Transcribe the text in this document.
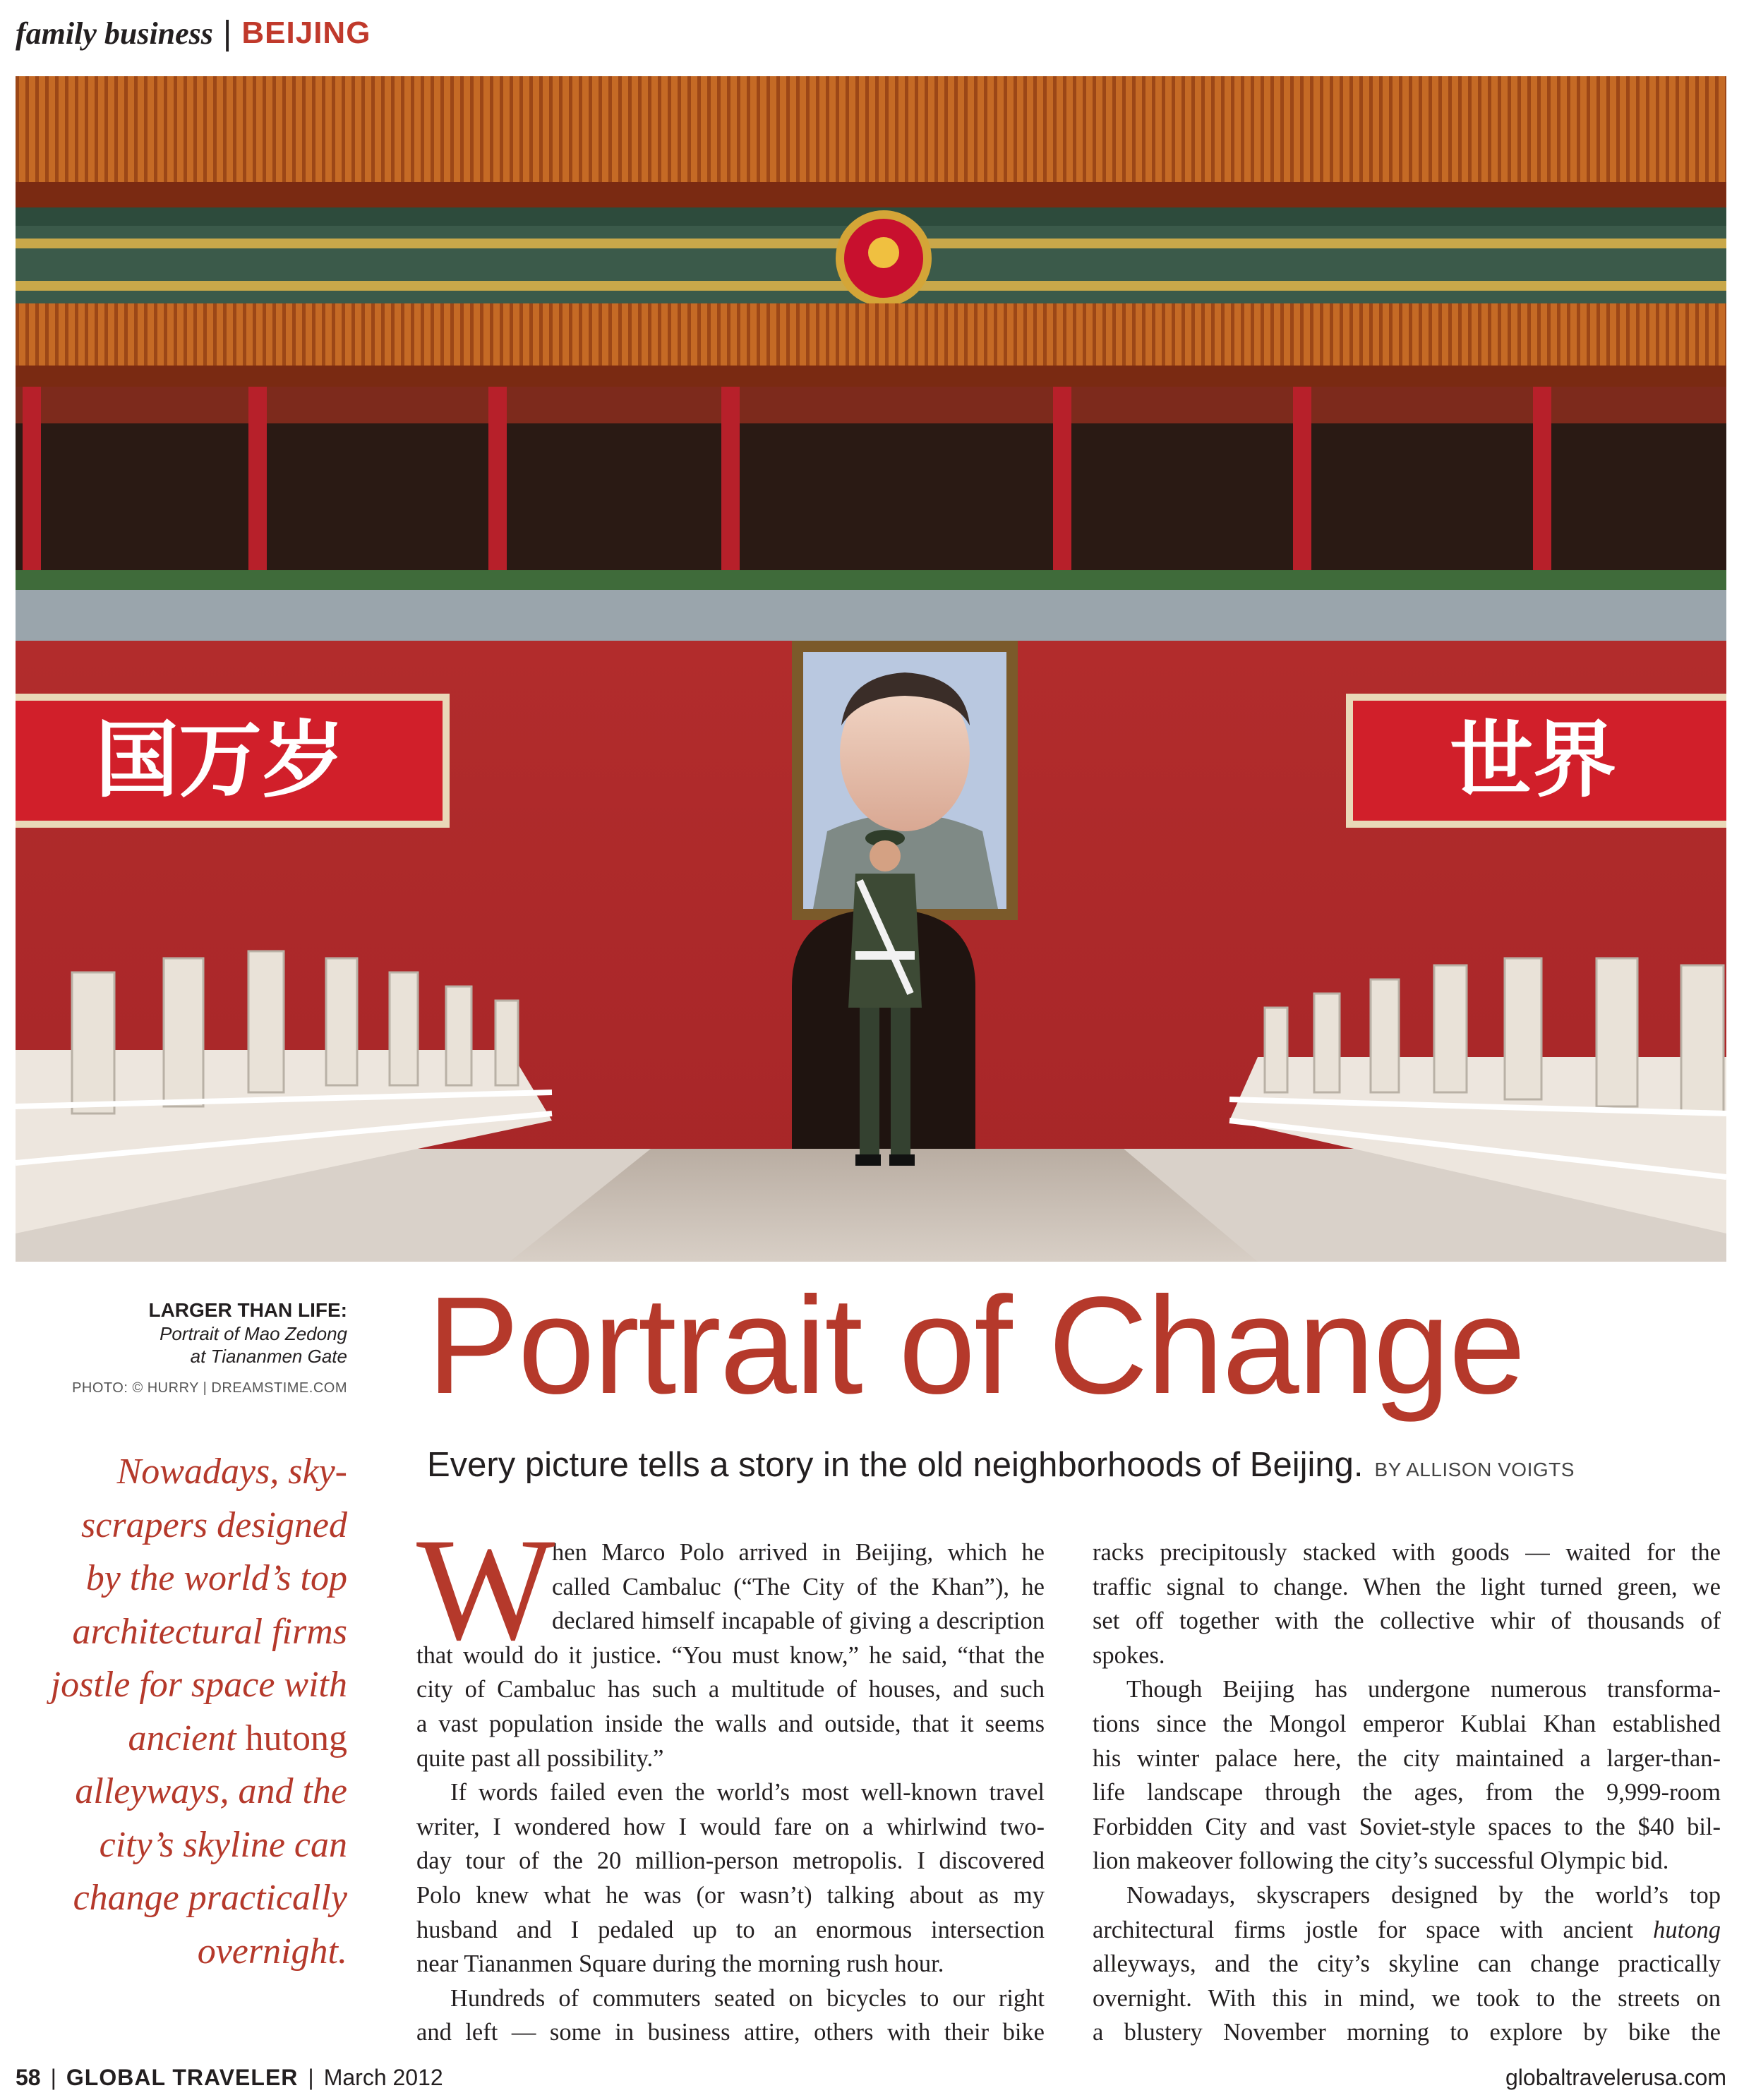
family business | BEIJING
国万岁	世界
LARGER THAN LIFE:
Portrait of Mao Zedong
at Tiananmen Gate
PHOTO: © HURRY | DREAMSTIME.COM Portrait of Change
Every picture tells a story in the old neighborhoods of Beijing. BY ALLISON VOIGTS
Nowadays, sky-
scrapers designed
by the world’s top
architectural firms
jostle for space with
ancient hutong
alleyways, and the
city’s skyline can
change practically
overnight.
W
hen Marco Polo arrived in Beijing, which he
called Cambaluc (“The City of the Khan”), he
declared himself incapable of giving a description
that would do it justice. “You must know,” he said, “that the
city of Cambaluc has such a multitude of houses, and such
a vast population inside the walls and outside, that it seems
quite past all possibility.”
If words failed even the world’s most well-known travel
writer, I wondered how I would fare on a whirlwind two-
day tour of the 20 million-person metropolis. I discovered
Polo knew what he was (or wasn’t) talking about as my
husband and I pedaled up to an enormous intersection
near Tiananmen Square during the morning rush hour.
Hundreds of commuters seated on bicycles to our right
and left — some in business attire, others with their bike
racks precipitously stacked with goods — waited for the
traffic signal to change. When the light turned green, we
set off together with the collective whir of thousands of
spokes.
Though Beijing has undergone numerous transforma-
tions since the Mongol emperor Kublai Khan established
his winter palace here, the city maintained a larger-than-
life landscape through the ages, from the 9,999-room
Forbidden City and vast Soviet-style spaces to the $40 bil-
lion makeover following the city’s successful Olympic bid.
Nowadays, skyscrapers designed by the world’s top
architectural firms jostle for space with ancient hutong
alleyways, and the city’s skyline can change practically
overnight. With this in mind, we took to the streets on
a blustery November morning to explore by bike the
58 | GLOBAL TRAVELER | March 2012	globaltravelerusa.com
